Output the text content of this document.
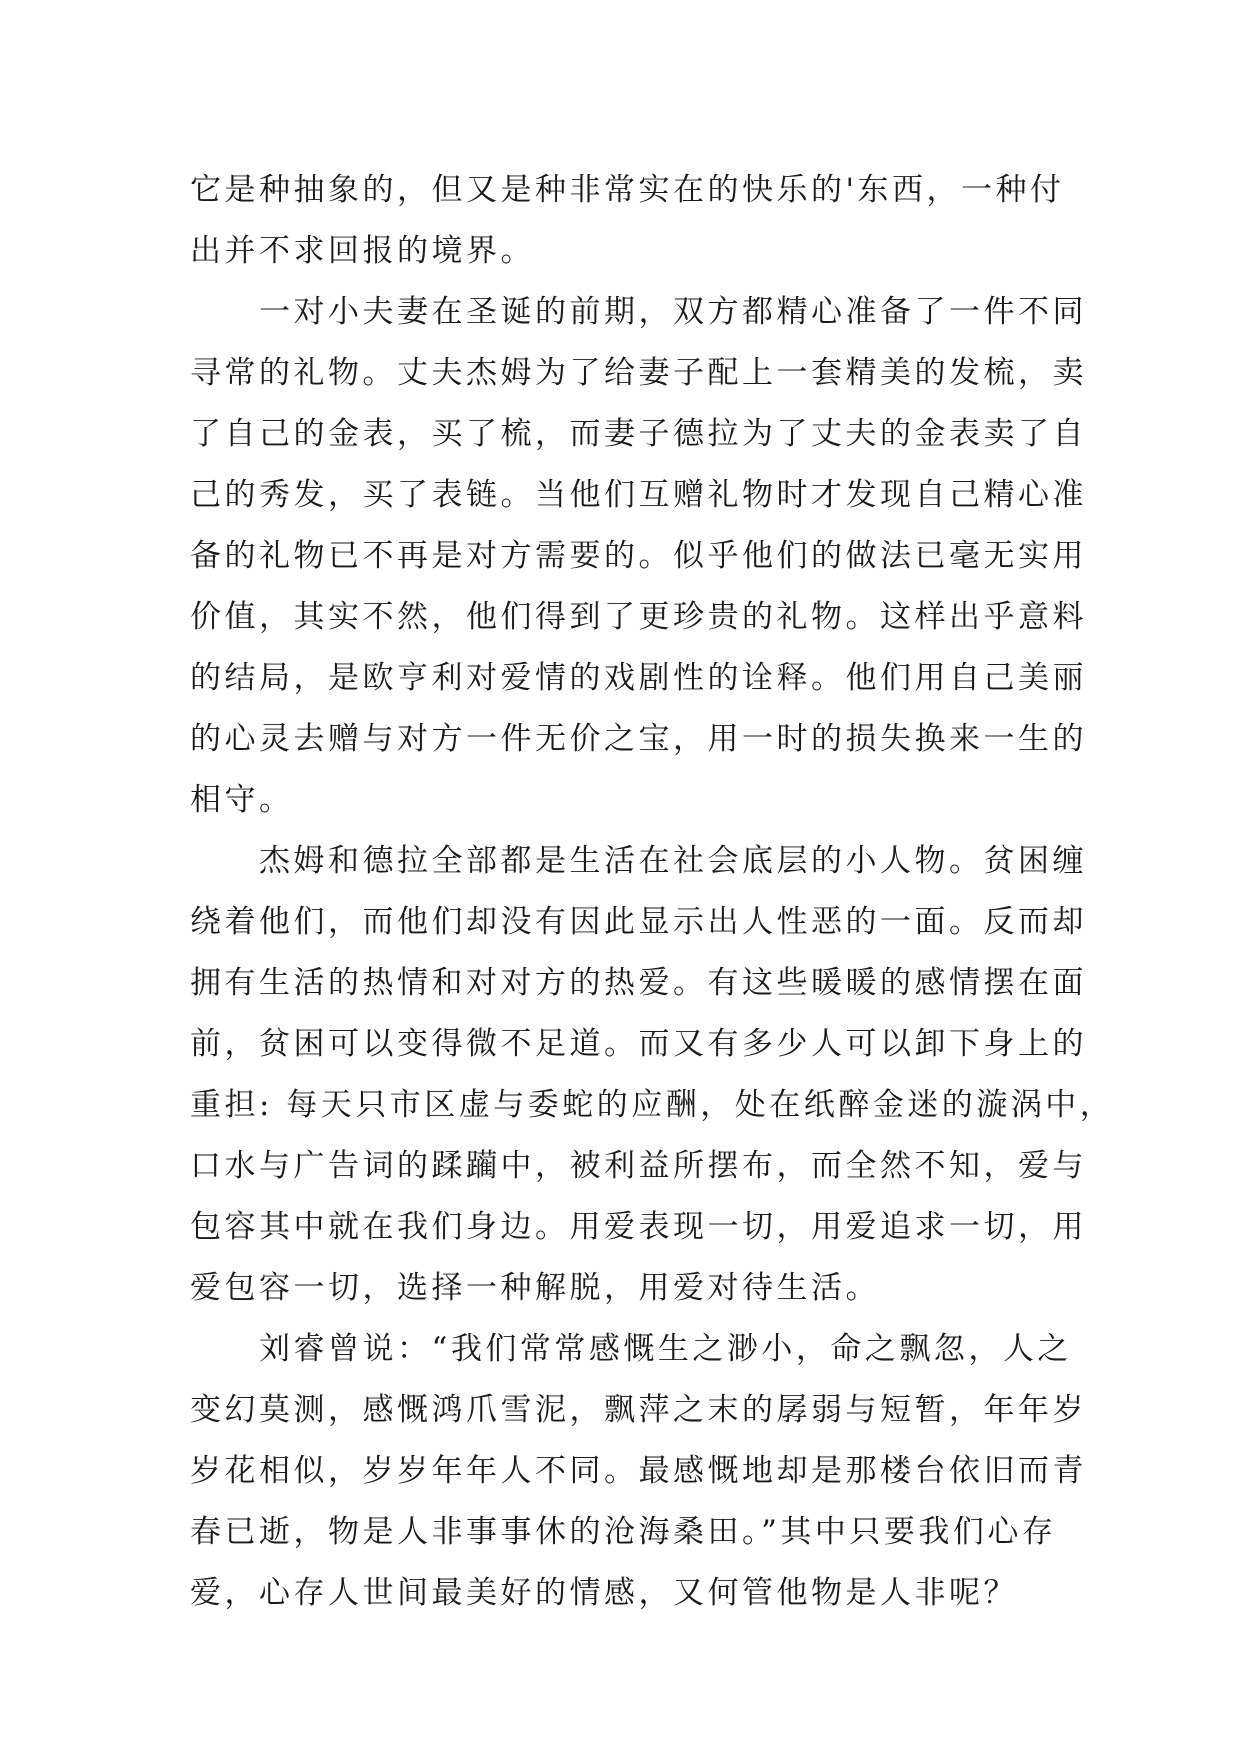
它是种抽象的，但又是种非常实在的快乐的'东西，一种付
出并不求回报的境界。
　　一对小夫妻在圣诞的前期，双方都精心准备了一件不同
寻常的礼物。丈夫杰姆为了给妻子配上一套精美的发梳，卖
了自己的金表，买了梳，而妻子德拉为了丈夫的金表卖了自
己的秀发，买了表链。当他们互赠礼物时才发现自己精心准
备的礼物已不再是对方需要的。似乎他们的做法已毫无实用
价值，其实不然，他们得到了更珍贵的礼物。这样出乎意料
的结局，是欧亨利对爱情的戏剧性的诠释。他们用自己美丽
的心灵去赠与对方一件无价之宝，用一时的损失换来一生的
相守。
　　杰姆和德拉全部都是生活在社会底层的小人物。贫困缠
绕着他们，而他们却没有因此显示出人性恶的一面。反而却
拥有生活的热情和对对方的热爱。有这些暖暖的感情摆在面
前，贫困可以变得微不足道。而又有多少人可以卸下身上的
重担: 每天只市区虚与委蛇的应酬，处在纸醉金迷的漩涡中，
口水与广告词的蹂躏中，被利益所摆布，而全然不知，爱与
包容其中就在我们身边。用爱表现一切，用爱追求一切，用
爱包容一切，选择一种解脱，用爱对待生活。
　　刘睿曾说：“我们常常感慨生之渺小，命之飘忽，人之
变幻莫测，感慨鸿爪雪泥，飘萍之末的孱弱与短暂，年年岁
岁花相似，岁岁年年人不同。最感慨地却是那楼台依旧而青
春已逝，物是人非事事休的沧海桑田。”其中只要我们心存
爱，心存人世间最美好的情感，又何管他物是人非呢？
